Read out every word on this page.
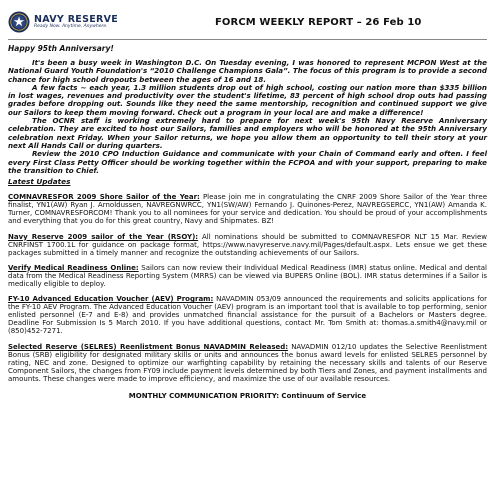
NAVY RESERVE
Ready Now. Anytime, Anywhere.	FORCM WEEKLY REPORT – 26 Feb 10
Happy 95th Anniversary!

It's been a busy week in Washington D.C. On Tuesday evening, I was honored to represent MCPON West at the National Guard Youth Foundation's “2010 Challenge Champions Gala”. The focus of this program is to provide a second chance for high school dropouts between the ages of 16 and 18.

A few facts ~ each year, 1.3 million students drop out of high school, costing our nation more than $335 billion in lost wages, revenues and productivity over the student's lifetime, 83 percent of high school drop outs had passing grades before dropping out. Sounds like they need the same mentorship, recognition and continued support we give our Sailors to keep them moving forward. Check out a program in your local are and make a difference!

The OCNR staff is working extremely hard to prepare for next week's 95th Navy Reserve Anniversary celebration. They are excited to host our Sailors, families and employers who will be honored at the 95th Anniversary celebration next Friday. When your Sailor returns, we hope you allow them an opportunity to tell their story at your next All Hands Call or during quarters.

Review the 2010 CPO Induction Guidance and communicate with your Chain of Command early and often. I feel every First Class Petty Officer should be working together within the FCPOA and with your support, preparing to make the transition to Chief.

Latest Updates
COMNAVRESFOR 2009 Shore Sailor of the Year: Please join me in congratulating the CNRF 2009 Shore Sailor of the Year three finalist, YN1(AW) Ryan J. Arnoldussen, NAVREGNWRCC, YN1(SW/AW) Fernando J. Quinones-Perez, NAVREGSERCC, YN1(AW) Amanda K. Turner, COMNAVRESFORCOM! Thank you to all nominees for your service and dedication. You should be proud of your accomplishments and everything that you do for this great country, Navy and Shipmates. BZ!
Navy Reserve 2009 sailor of the Year (RSOY): All nominations should be submitted to COMNAVRESFOR NLT 15 Mar. Review CNRFINST 1700.1L for guidance on package format, https://www.navyreserve.navy.mil/Pages/default.aspx. Lets ensue we get these packages submitted in a timely manner and recognize the outstanding achievements of our Sailors.
Verify Medical Readiness Online: Sailors can now review their Individual Medical Readiness (IMR) status online. Medical and dental data from the Medical Readiness Reporting System (MRRS) can be viewed via BUPERS Online (BOL). IMR status determines if a Sailor is medically eligible to deploy.
FY-10 Advanced Education Voucher (AEV) Program: NAVADMIN 053/09 announced the requirements and solicits applications for the FY-10 AEV Program. The Advanced Education Voucher (AEV) program is an important tool that is available to top performing, senior enlisted personnel (E-7 and E-8) and provides unmatched financial assistance for the pursuit of a Bachelors or Masters degree. Deadline For Submission Is 5 March 2010. If you have additional questions, contact Mr. Tom Smith at: thomas.a.smith4@navy.mil or (850)452-7271.
Selected Reserve (SELRES) Reenlistment Bonus NAVADMIN Released: NAVADMIN 012/10 updates the Selective Reenlistment Bonus (SRB) eligibility for designated military skills or units and announces the bonus award levels for enlisted SELRES personnel by rating, NEC and zone. Designed to optimize our warfighting capability by retaining the necessary skills and talents of our Reserve Component Sailors, the changes from FY09 include payment levels determined by both Tiers and Zones, and payment installments and amounts. These changes were made to improve efficiency, and maximize the use of our available resources.
MONTHLY COMMUNICATION PRIORITY: Continuum of Service
